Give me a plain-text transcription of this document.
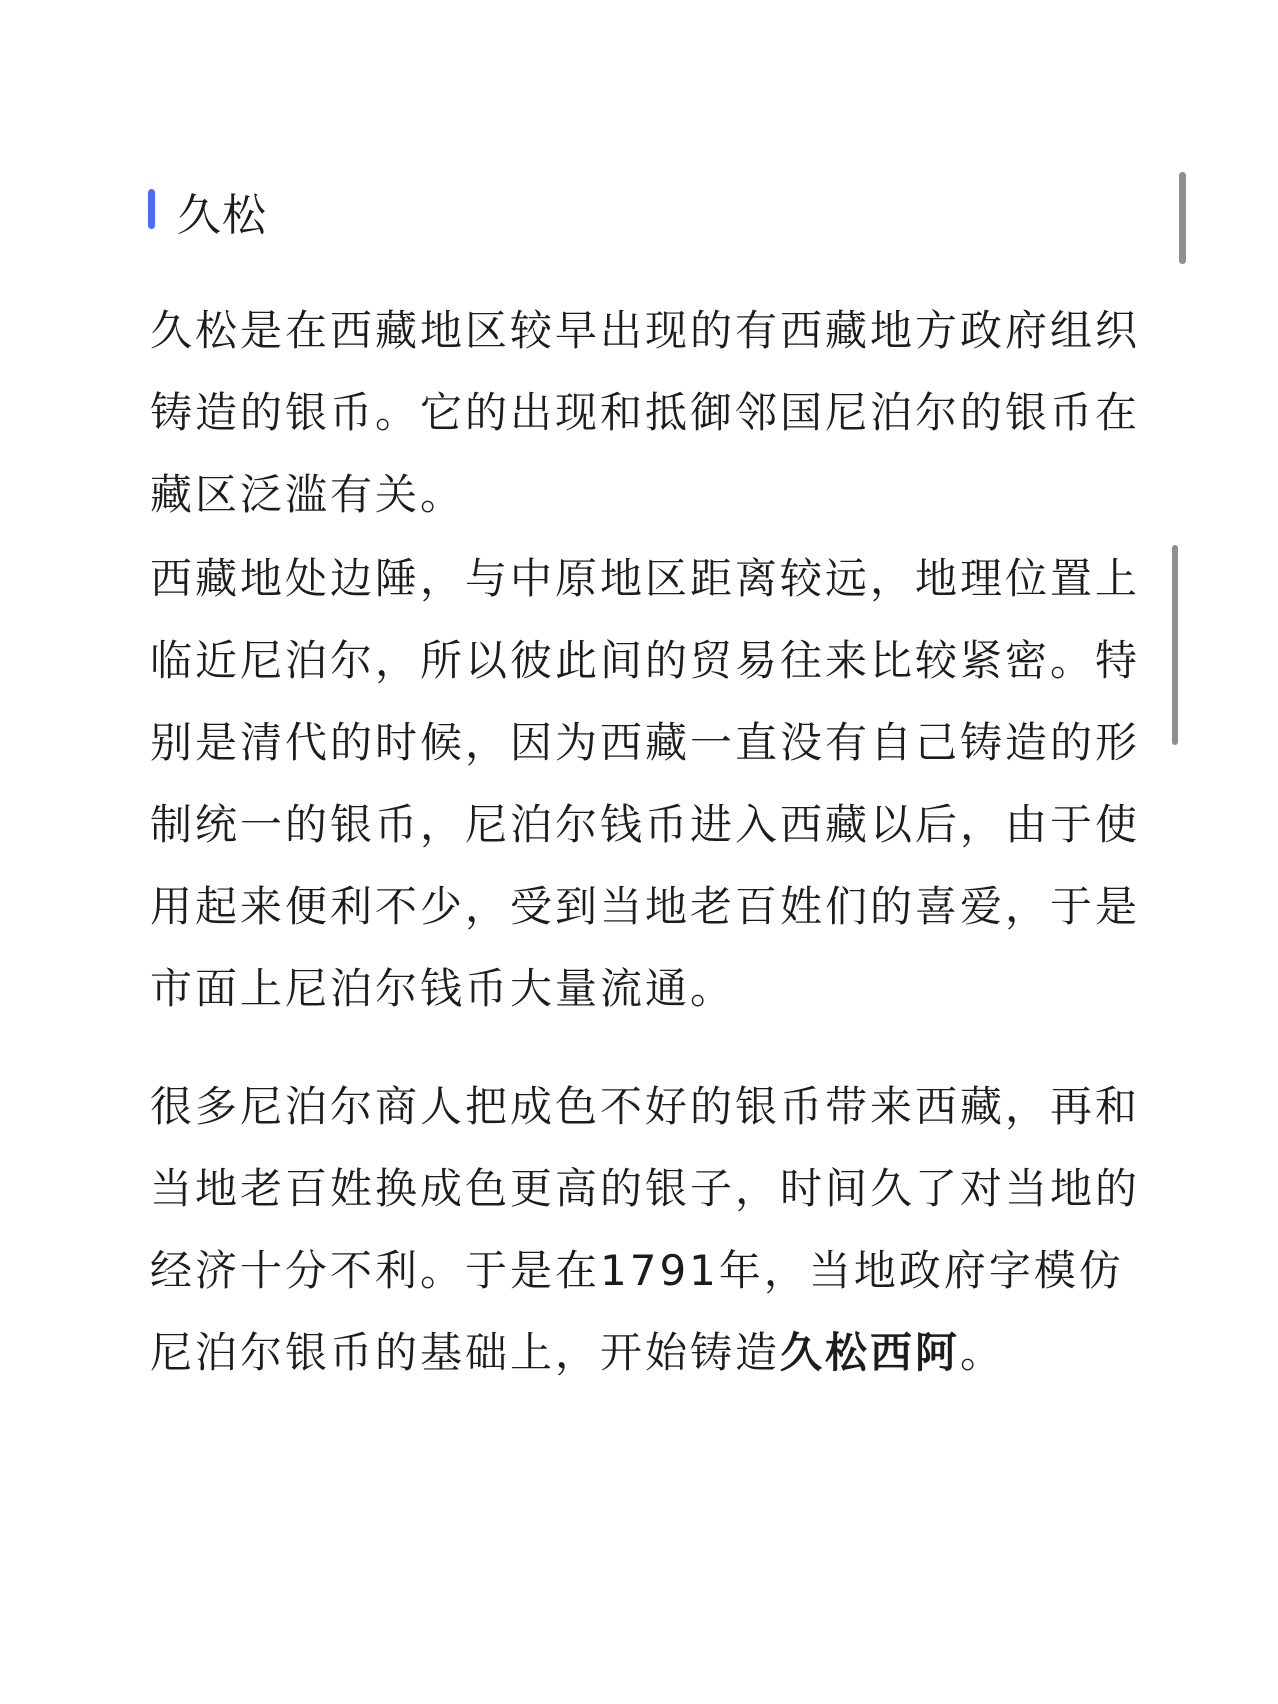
久松

久松是在西藏地区较早出现的有西藏地方政府组织铸造的银币。它的出现和抵御邻国尼泊尔的银币在藏区泛滥有关。

西藏地处边陲，与中原地区距离较远，地理位置上临近尼泊尔，所以彼此间的贸易往来比较紧密。特别是清代的时候，因为西藏一直没有自己铸造的形制统一的银币，尼泊尔钱币进入西藏以后，由于使用起来便利不少，受到当地老百姓们的喜爱，于是市面上尼泊尔钱币大量流通。

很多尼泊尔商人把成色不好的银币带来西藏，再和当地老百姓换成色更高的银子，时间久了对当地的经济十分不利。于是在1791年，当地政府字模仿尼泊尔银币的基础上，开始铸造久松西阿。
